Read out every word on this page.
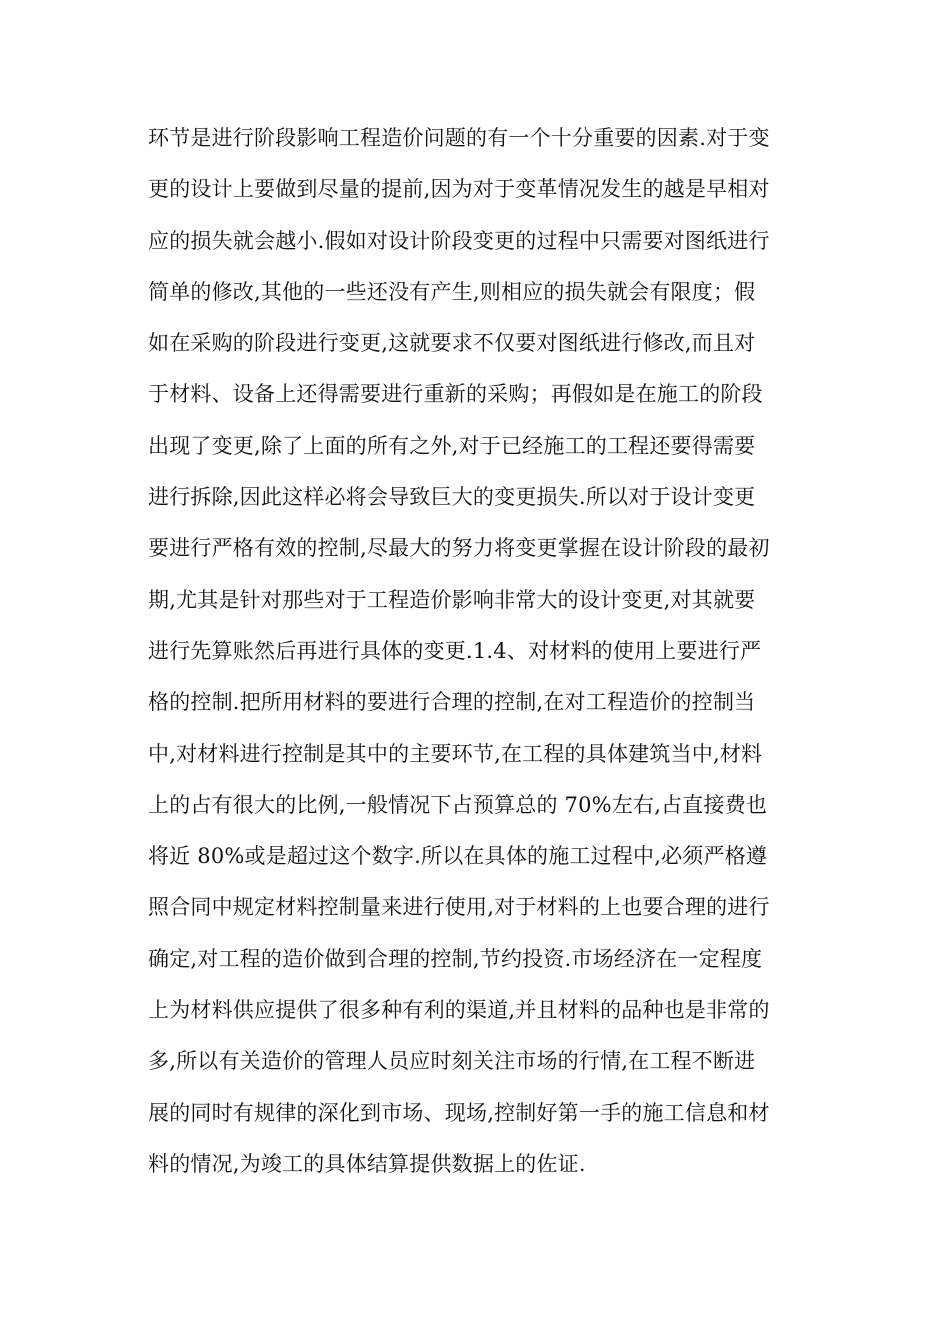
环节是进行阶段影响工程造价问题的有一个十分重要的因素.对于变
更的设计上要做到尽量的提前,因为对于变革情况发生的越是早相对
应的损失就会越小.假如对设计阶段变更的过程中只需要对图纸进行
简单的修改,其他的一些还没有产生,则相应的损失就会有限度；假
如在采购的阶段进行变更,这就要求不仅要对图纸进行修改,而且对
于材料、设备上还得需要进行重新的采购；再假如是在施工的阶段
出现了变更,除了上面的所有之外,对于已经施工的工程还要得需要
进行拆除,因此这样必将会导致巨大的变更损失.所以对于设计变更
要进行严格有效的控制,尽最大的努力将变更掌握在设计阶段的最初
期,尤其是针对那些对于工程造价影响非常大的设计变更,对其就要
进行先算账然后再进行具体的变更.1.4、对材料的使用上要进行严
格的控制.把所用材料的要进行合理的控制,在对工程造价的控制当
中,对材料进行控制是其中的主要环节,在工程的具体建筑当中,材料
上的占有很大的比例,一般情况下占预算总的 70%左右,占直接费也
将近 80%或是超过这个数字.所以在具体的施工过程中,必须严格遵
照合同中规定材料控制量来进行使用,对于材料的上也要合理的进行
确定,对工程的造价做到合理的控制,节约投资.市场经济在一定程度
上为材料供应提供了很多种有利的渠道,并且材料的品种也是非常的
多,所以有关造价的管理人员应时刻关注市场的行情,在工程不断进
展的同时有规律的深化到市场、现场,控制好第一手的施工信息和材
料的情况,为竣工的具体结算提供数据上的佐证.
